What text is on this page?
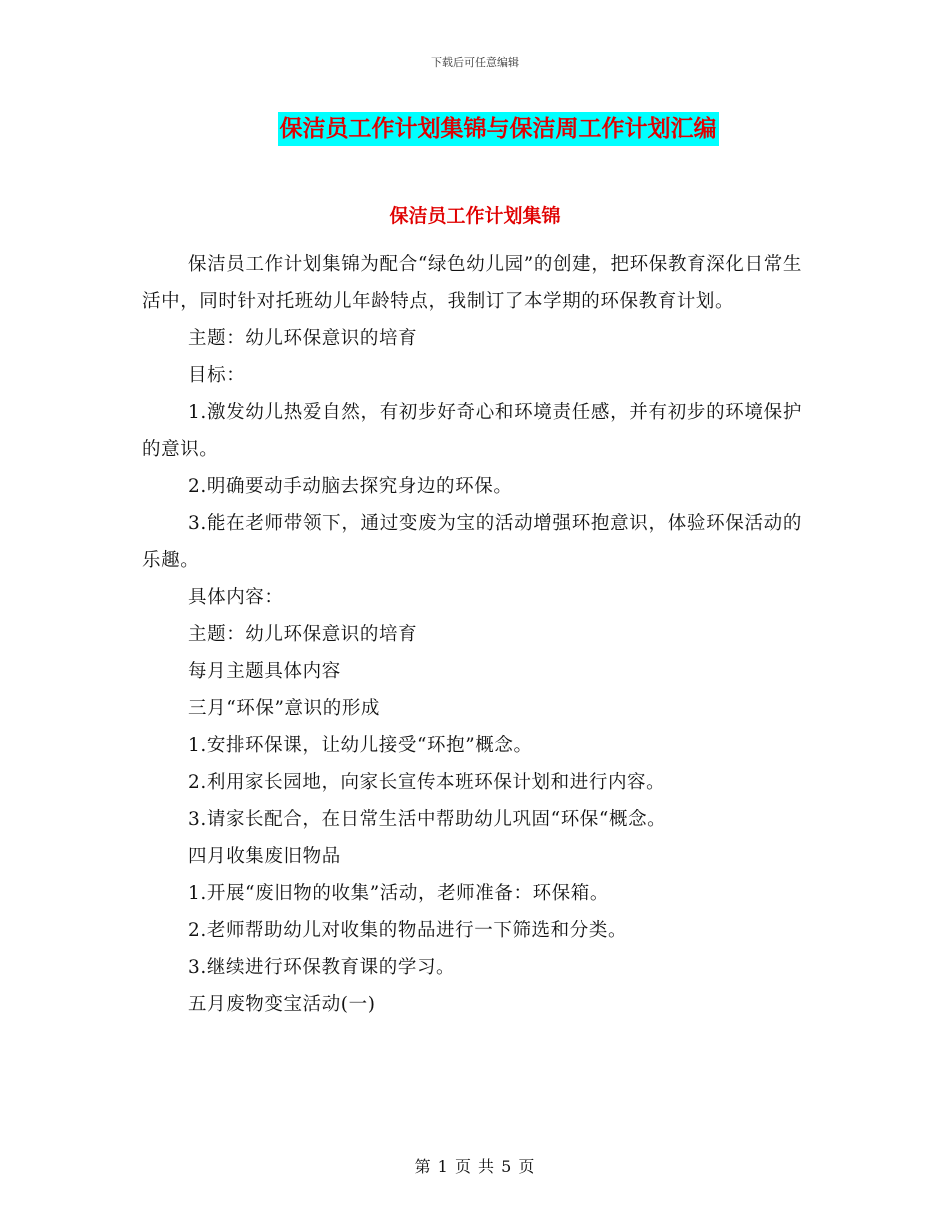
下载后可任意编辑
保洁员工作计划集锦与保洁周工作计划汇编
保洁员工作计划集锦

保洁员工作计划集锦为配合“绿色幼儿园”的创建，把环保教育深化日常生活中，同时针对托班幼儿年龄特点，我制订了本学期的环保教育计划。

主题：幼儿环保意识的培育

目标：

1.激发幼儿热爱自然，有初步好奇心和环境责任感，并有初步的环境保护的意识。

2.明确要动手动脑去探究身边的环保。

3.能在老师带领下，通过变废为宝的活动增强环抱意识，体验环保活动的乐趣。

具体内容：

主题：幼儿环保意识的培育

每月主题具体内容

三月“环保”意识的形成

1.安排环保课，让幼儿接受“环抱”概念。

2.利用家长园地，向家长宣传本班环保计划和进行内容。

3.请家长配合，在日常生活中帮助幼儿巩固“环保“概念。

四月收集废旧物品

1.开展“废旧物的收集”活动，老师准备：环保箱。

2.老师帮助幼儿对收集的物品进行一下筛选和分类。

3.继续进行环保教育课的学习。

五月废物变宝活动(一)

第 1 页 共 5 页
